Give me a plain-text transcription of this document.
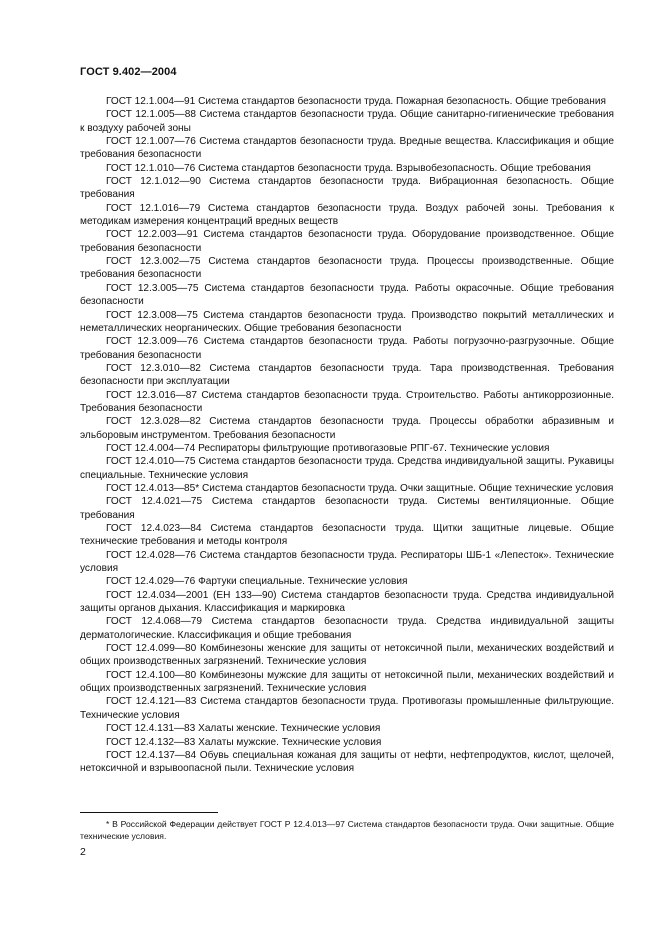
ГОСТ 9.402—2004

ГОСТ 12.1.004—91 Система стандартов безопасности труда. Пожарная безопасность. Общие требования

ГОСТ 12.1.005—88 Система стандартов безопасности труда. Общие санитарно-гигиенические требования к воздуху рабочей зоны

ГОСТ 12.1.007—76 Система стандартов безопасности труда. Вредные вещества. Классификация и общие требования безопасности

ГОСТ 12.1.010—76 Система стандартов безопасности труда. Взрывобезопасность. Общие требования

ГОСТ 12.1.012—90 Система стандартов безопасности труда. Вибрационная безопасность. Общие требования

ГОСТ 12.1.016—79 Система стандартов безопасности труда. Воздух рабочей зоны. Требования к методикам измерения концентраций вредных веществ

ГОСТ 12.2.003—91 Система стандартов безопасности труда. Оборудование производственное. Общие требования безопасности

ГОСТ 12.3.002—75 Система стандартов безопасности труда. Процессы производственные. Общие требования безопасности

ГОСТ 12.3.005—75 Система стандартов безопасности труда. Работы окрасочные. Общие требования безопасности

ГОСТ 12.3.008—75 Система стандартов безопасности труда. Производство покрытий металлических и неметаллических неорганических. Общие требования безопасности

ГОСТ 12.3.009—76 Система стандартов безопасности труда. Работы погрузочно-разгрузочные. Общие требования безопасности

ГОСТ 12.3.010—82 Система стандартов безопасности труда. Тара производственная. Требования безопасности при эксплуатации

ГОСТ 12.3.016—87 Система стандартов безопасности труда. Строительство. Работы антикоррозионные. Требования безопасности

ГОСТ 12.3.028—82 Система стандартов безопасности труда. Процессы обработки абразивным и эльборовым инструментом. Требования безопасности

ГОСТ 12.4.004—74 Респираторы фильтрующие противогазовые РПГ-67. Технические условия

ГОСТ 12.4.010—75 Система стандартов безопасности труда. Средства индивидуальной защиты. Рукавицы специальные. Технические условия

ГОСТ 12.4.013—85* Система стандартов безопасности труда. Очки защитные. Общие технические условия

ГОСТ 12.4.021—75 Система стандартов безопасности труда. Системы вентиляционные. Общие требования

ГОСТ 12.4.023—84 Система стандартов безопасности труда. Щитки защитные лицевые. Общие технические требования и методы контроля

ГОСТ 12.4.028—76 Система стандартов безопасности труда. Респираторы ШБ-1 «Лепесток». Технические условия

ГОСТ 12.4.029—76 Фартуки специальные. Технические условия

ГОСТ 12.4.034—2001 (ЕН 133—90) Система стандартов безопасности труда. Средства индивидуальной защиты органов дыхания. Классификация и маркировка

ГОСТ 12.4.068—79 Система стандартов безопасности труда. Средства индивидуальной защиты дерматологические. Классификация и общие требования

ГОСТ 12.4.099—80 Комбинезоны женские для защиты от нетоксичной пыли, механических воздействий и общих производственных загрязнений. Технические условия

ГОСТ 12.4.100—80 Комбинезоны мужские для защиты от нетоксичной пыли, механических воздействий и общих производственных загрязнений. Технические условия

ГОСТ 12.4.121—83 Система стандартов безопасности труда. Противогазы промышленные фильтрующие. Технические условия

ГОСТ 12.4.131—83 Халаты женские. Технические условия

ГОСТ 12.4.132—83 Халаты мужские. Технические условия

ГОСТ 12.4.137—84 Обувь специальная кожаная для защиты от нефти, нефтепродуктов, кислот, щелочей, нетоксичной и взрывоопасной пыли. Технические условия

* В Российской Федерации действует ГОСТ Р 12.4.013—97 Система стандартов безопасности труда. Очки защитные. Общие технические условия.

2
